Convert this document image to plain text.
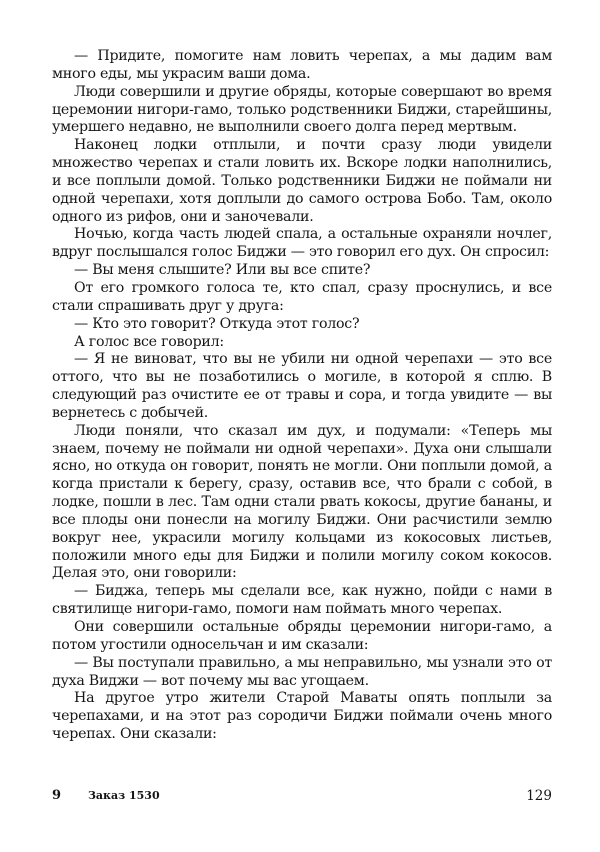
— Придите, помогите нам ловить черепах, а мы дадим вам много еды, мы украсим ваши дома.

Люди совершили и другие обряды, которые совершают во время церемонии нигори-гамо, только родственники Биджи, старейшины, умершего недавно, не выполнили своего долга перед мертвым.

Наконец лодки отплыли, и почти сразу люди увидели множество черепах и стали ловить их. Вскоре лодки наполнились, и все поплыли домой. Только родственники Биджи не поймали ни одной черепахи, хотя доплыли до самого острова Бобо. Там, около одного из рифов, они и заночевали.

Ночью, когда часть людей спала, а остальные охраняли ночлег, вдруг послышался голос Биджи — это говорил его дух. Он спросил:

— Вы меня слышите? Или вы все спите?

От его громкого голоса те, кто спал, сразу проснулись, и все стали спрашивать друг у друга:

— Кто это говорит? Откуда этот голос?

А голос все говорил:

— Я не виноват, что вы не убили ни одной черепахи — это все оттого, что вы не позаботились о могиле, в которой я сплю. В следующий раз очистите ее от травы и сора, и тогда увидите — вы вернетесь с добычей.

Люди поняли, что сказал им дух, и подумали: «Теперь мы знаем, почему не поймали ни одной черепахи». Духа они слышали ясно, но откуда он говорит, понять не могли. Они поплыли домой, а когда пристали к берегу, сразу, оставив все, что брали с собой, в лодке, пошли в лес. Там одни стали рвать кокосы, другие бананы, и все плоды они понесли на могилу Биджи. Они расчистили землю вокруг нее, украсили могилу кольцами из кокосовых листьев, положили много еды для Биджи и полили могилу соком кокосов. Делая это, они говорили:

— Биджа, теперь мы сделали все, как нужно, пойди с нами в святилище нигори-гамо, помоги нам поймать много черепах.

Они совершили остальные обряды церемонии нигори-гамо, а потом угостили односельчан и им сказали:

— Вы поступали правильно, а мы неправильно, мы узнали это от духа Виджи — вот почему мы вас угощаем.

На другое утро жители Старой Маваты опять поплыли за черепахами, и на этот раз сородичи Биджи поймали очень много черепах. Они сказали:

9 Заказ 1530	129
